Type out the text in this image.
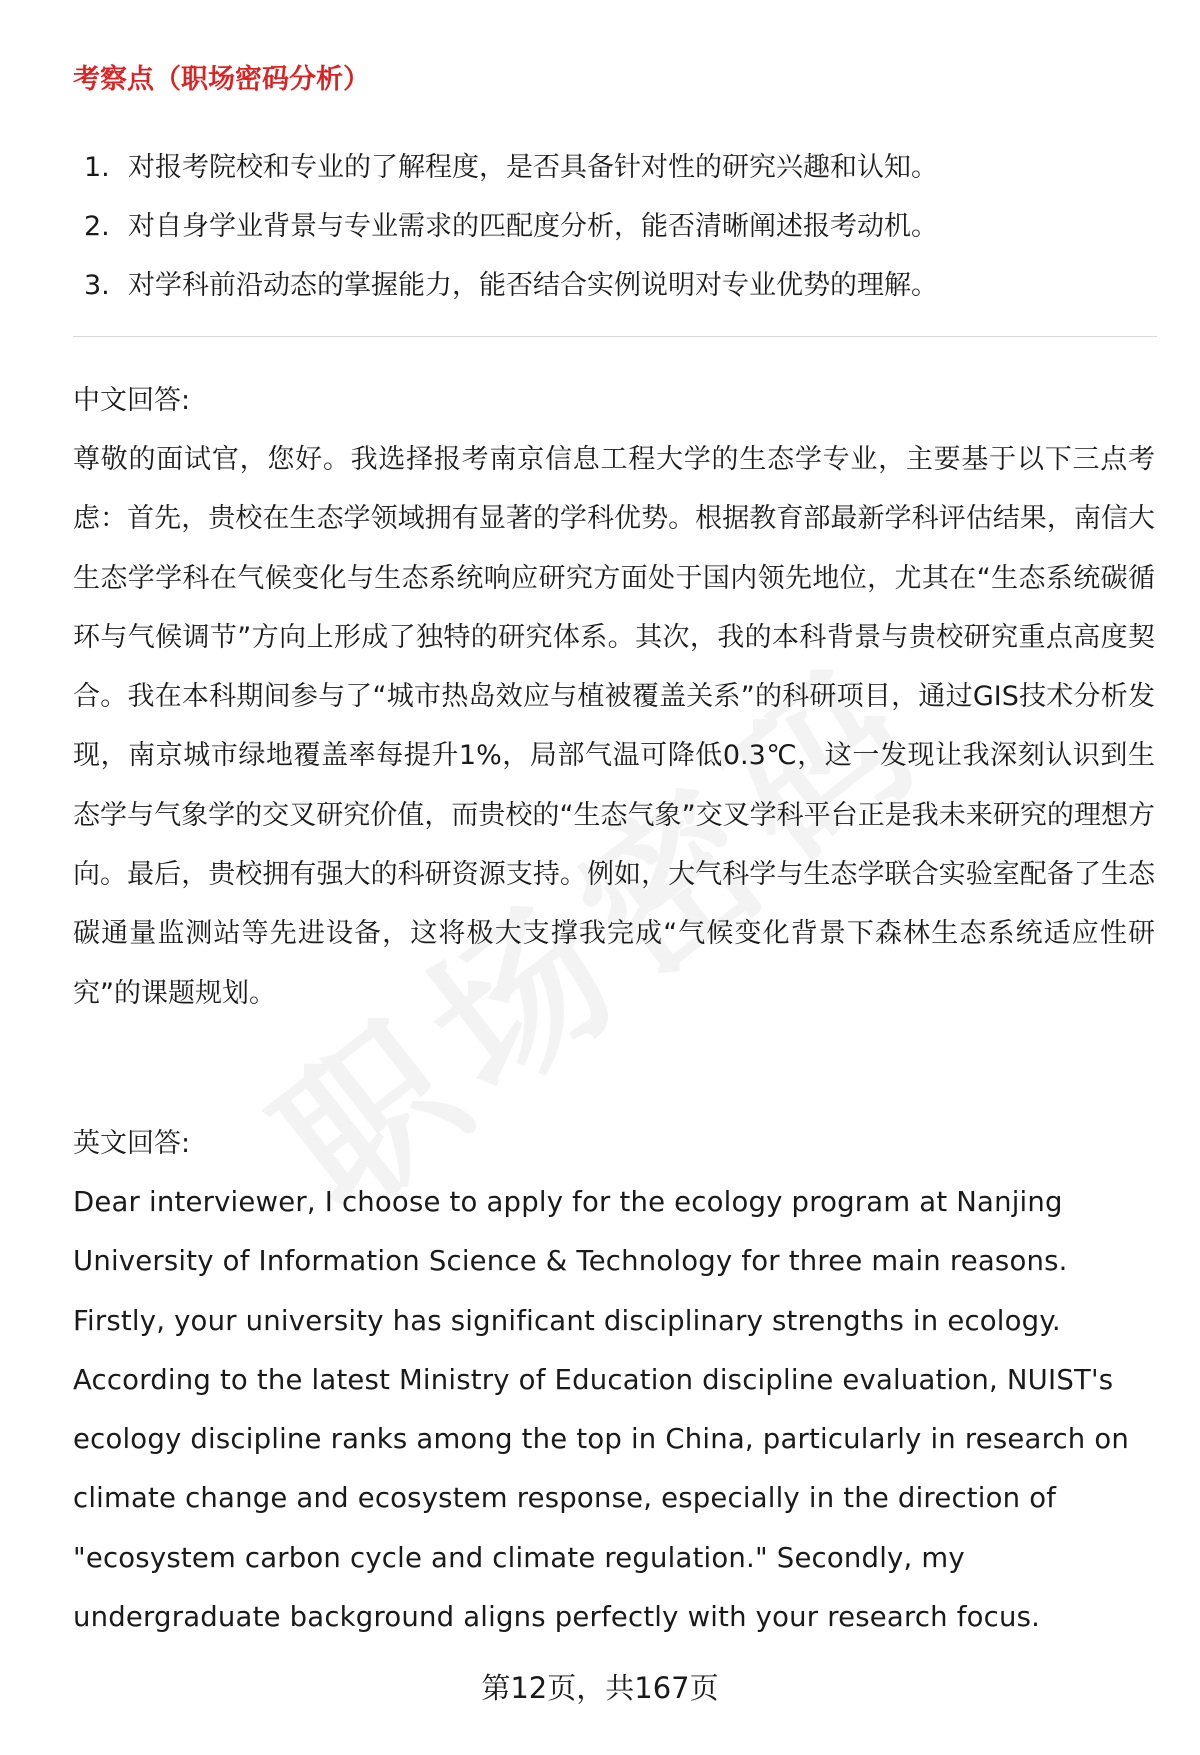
考察点（职场密码分析）
1. 对报考院校和专业的了解程度，是否具备针对性的研究兴趣和认知。
2. 对自身学业背景与专业需求的匹配度分析，能否清晰阐述报考动机。
3. 对学科前沿动态的掌握能力，能否结合实例说明对专业优势的理解。
中文回答:

尊敬的面试官，您好。我选择报考南京信息工程大学的生态学专业，主要基于以下三点考虑：首先，贵校在生态学领域拥有显著的学科优势。根据教育部最新学科评估结果，南信大生态学学科在气候变化与生态系统响应研究方面处于国内领先地位，尤其在“生态系统碳循环与气候调节”方向上形成了独特的研究体系。其次，我的本科背景与贵校研究重点高度契合。我在本科期间参与了“城市热岛效应与植被覆盖关系”的科研项目，通过GIS技术分析发现，南京城市绿地覆盖率每提升1%，局部气温可降低0.3℃，这一发现让我深刻认识到生态学与气象学的交叉研究价值，而贵校的“生态气象”交叉学科平台正是我未来研究的理想方向。最后，贵校拥有强大的科研资源支持。例如，大气科学与生态学联合实验室配备了生态碳通量监测站等先进设备，这将极大支撑我完成“气候变化背景下森林生态系统适应性研究”的课题规划。

英文回答:

Dear interviewer, I choose to apply for the ecology program at Nanjing University of Information Science & Technology for three main reasons. Firstly, your university has significant disciplinary strengths in ecology. According to the latest Ministry of Education discipline evaluation, NUIST's ecology discipline ranks among the top in China, particularly in research on climate change and ecosystem response, especially in the direction of "ecosystem carbon cycle and climate regulation." Secondly, my undergraduate background aligns perfectly with your research focus.

第12页，共167页
